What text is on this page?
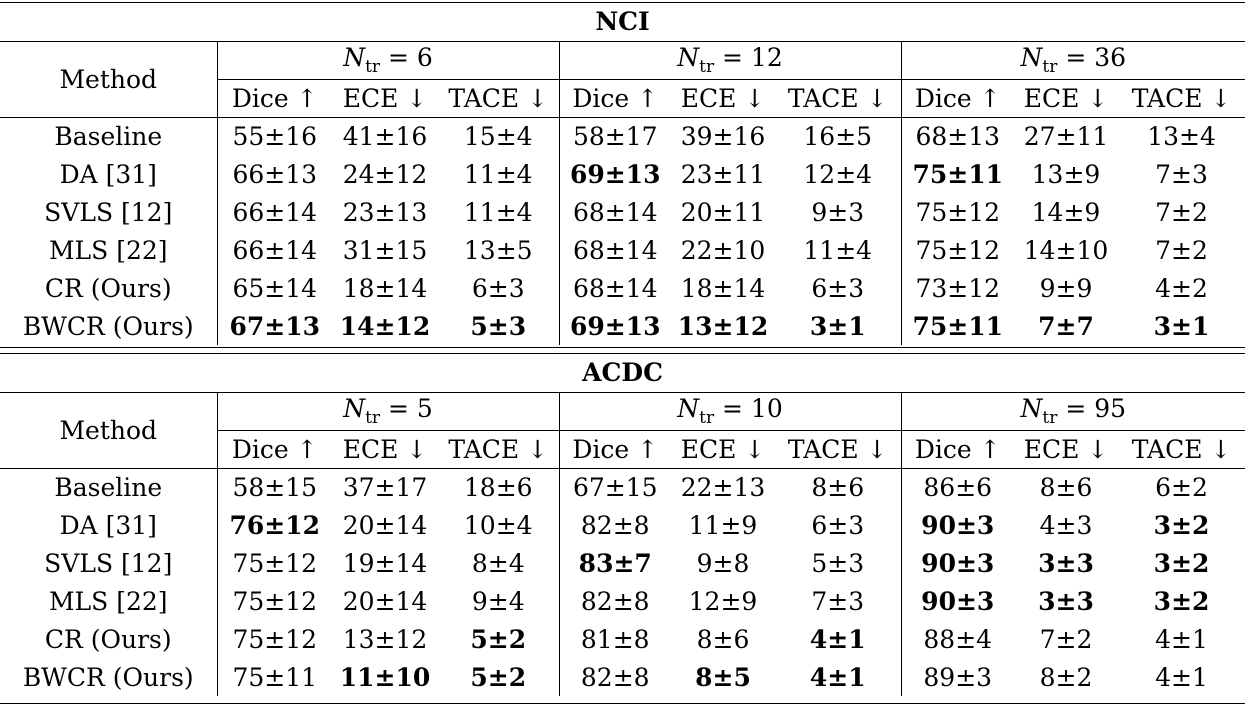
NCI									
Method	$N_{tr} = 6$			$N_{tr} = 12$			$N_{tr} = 36$		
	Dice ↑	ECE ↓	TACE ↓	Dice ↑	ECE ↓	TACE ↓	Dice ↑	ECE ↓	TACE ↓
Baseline	55±16	41±16	15±4	58±17	39±16	16±5	68±13	27±11	13±4
DA [31]	66±13	24±12	11±4	69±13	23±11	12±4	75±11	13±9	7±3
SVLS [12]	66±14	23±13	11±4	68±14	20±11	9±3	75±12	14±9	7±2
MLS [22]	66±14	31±15	13±5	68±14	22±10	11±4	75±12	14±10	7±2
CR (Ours)	65±14	18±14	6±3	68±14	18±14	6±3	73±12	9±9	4±2
BWCR (Ours)	67±13	14±12	5±3	69±13	13±12	3±1	75±11	7±7	3±1
ACDC									
Method	$N_{tr} = 5$			$N_{tr} = 10$			$N_{tr} = 95$		
	Dice ↑	ECE ↓	TACE ↓	Dice ↑	ECE ↓	TACE ↓	Dice ↑	ECE ↓	TACE ↓
Baseline	58±15	37±17	18±6	67±15	22±13	8±6	86±6	8±6	6±2
DA [31]	76±12	20±14	10±4	82±8	11±9	6±3	90±3	4±3	3±2
SVLS [12]	75±12	19±14	8±4	83±7	9±8	5±3	90±3	3±3	3±2
MLS [22]	75±12	20±14	9±4	82±8	12±9	7±3	90±3	3±3	3±2
CR (Ours)	75±12	13±12	5±2	81±8	8±6	4±1	88±4	7±2	4±1
BWCR (Ours)	75±11	11±10	5±2	82±8	8±5	4±1	89±3	8±2	4±1
